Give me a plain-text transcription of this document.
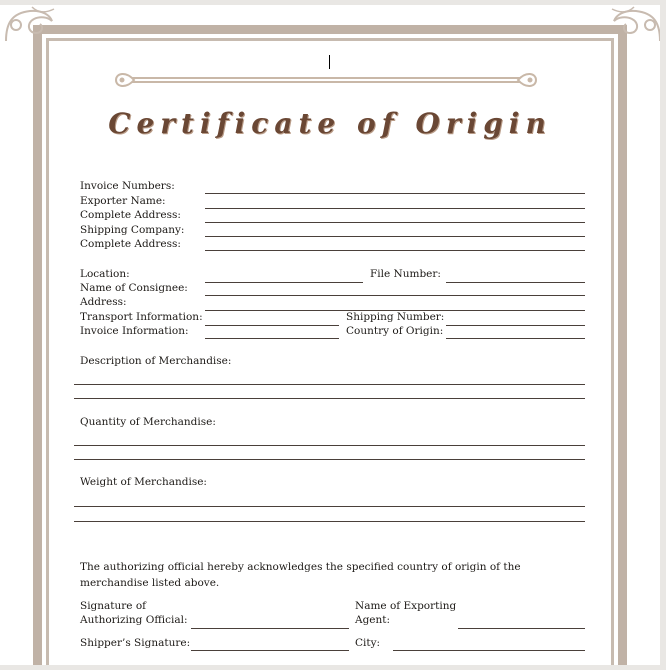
Certificate of Origin
Invoice Numbers:
Exporter Name:
Complete Address:
Shipping Company:
Complete Address:
Location:	File Number:
Name of Consignee:
Address:
Transport Information:	Shipping Number:
Invoice Information:	Country of Origin:
Description of Merchandise:
Quantity of Merchandise:
Weight of Merchandise:
The authorizing official hereby acknowledges the specified country of origin of the merchandise listed above.
Signature of
Authorizing Official:
Name of Exporting
Agent:
Shipper’s Signature:	City:
